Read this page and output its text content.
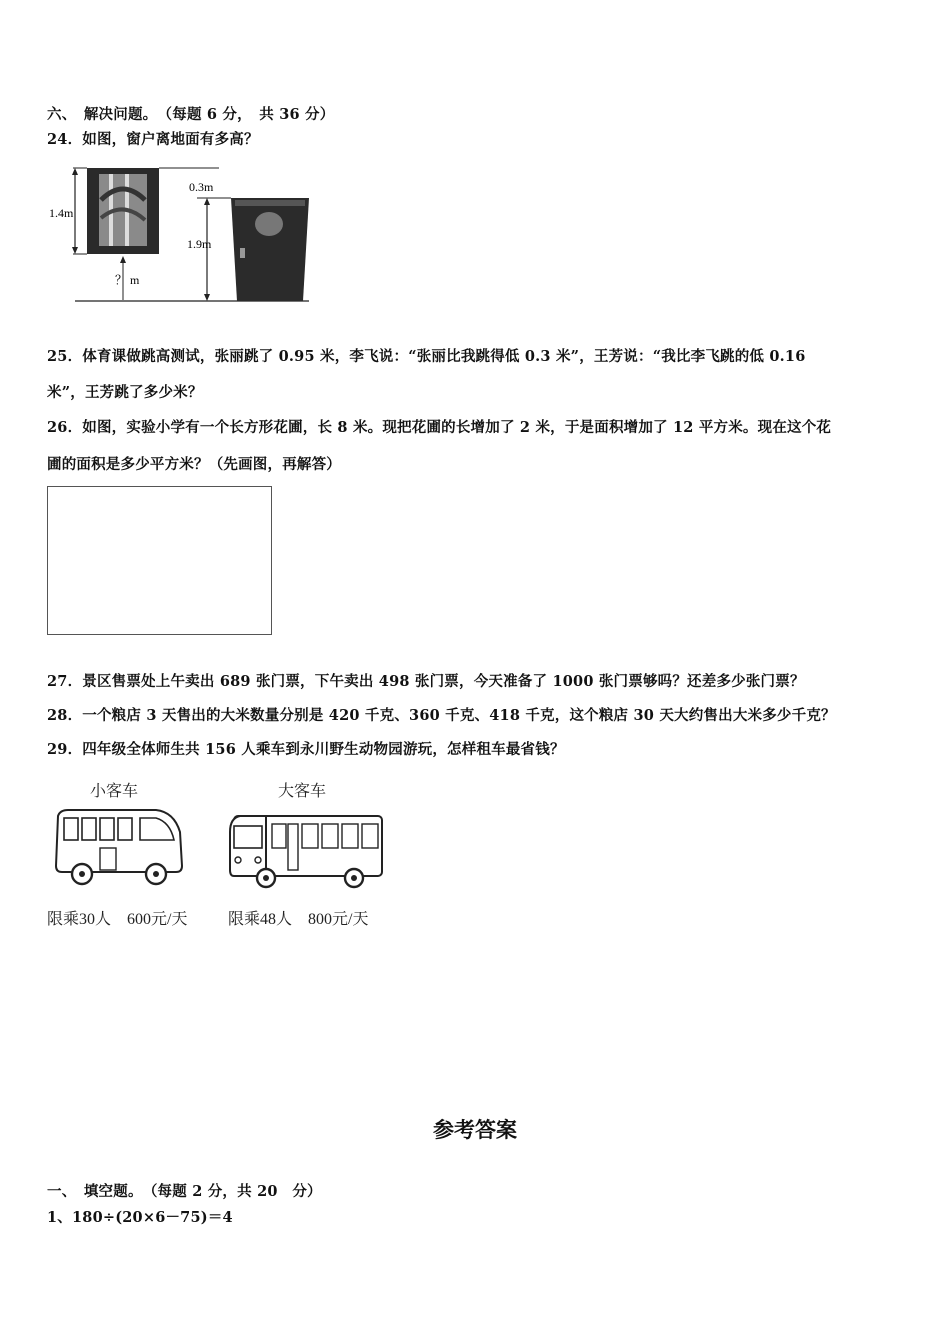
六、　解决问题。　（每题 6 分，　共 36 分）
24．如图，窗户离地面有多高？
1.4m
？ m
0.3m
1.9m
25．体育课做跳高测试，张丽跳了 0.95 米，李飞说：“张丽比我跳得低 0.3 米”，王芳说：“我比李飞跳的低 0.16
米”，王芳跳了多少米？
26．如图，实验小学有一个长方形花圃，长 8 米。现把花圃的长增加了 2 米，于是面积增加了 12 平方米。现在这个花
圃的面积是多少平方米？（先画图，再解答）
27．景区售票处上午卖出 689 张门票，下午卖出 498 张门票，今天准备了 1000 张门票够吗？还差多少张门票？
28．一个粮店 3 天售出的大米数量分别是 420 千克、360 千克、418 千克，这个粮店 30 天大约售出大米多少千克？
29．四年级全体师生共 156 人乘车到永川野生动物园游玩，怎样租车最省钱？
小客车	大客车
限乘30人　600元/天	限乘48人　800元/天
参考答案
一、　填空题。　（每题 2 分，共 20　分）
1、180÷(20×6－75)＝4
